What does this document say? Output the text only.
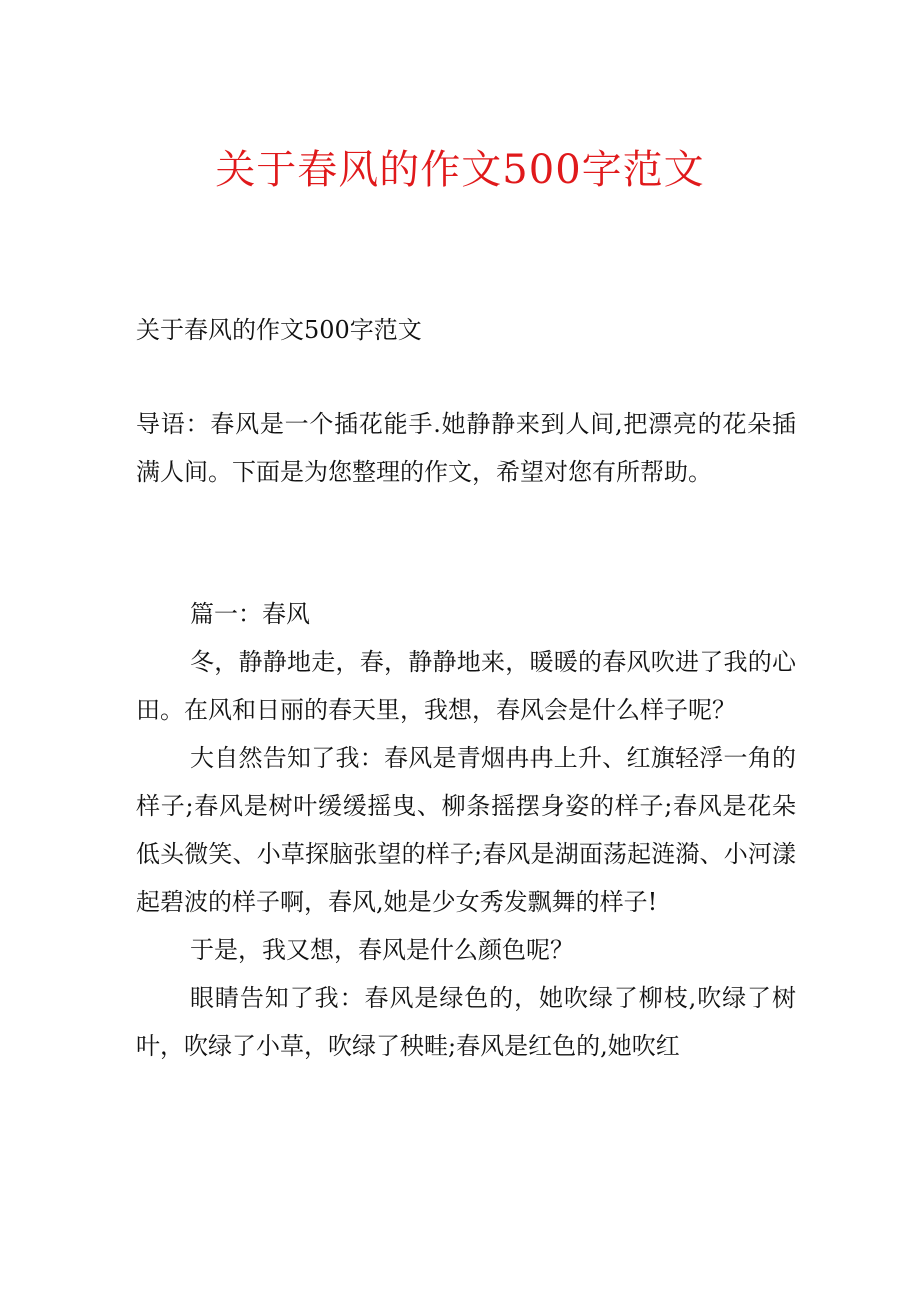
关于春风的作文500字范文
关于春风的作文500字范文
导语：春风是一个插花能手.她静静来到人间,把漂亮的花朵插满人间。下面是为您整理的作文，希望对您有所帮助。

篇一：春风

冬，静静地走，春，静静地来，暖暖的春风吹进了我的心田。在风和日丽的春天里，我想，春风会是什么样子呢？

大自然告知了我：春风是青烟冉冉上升、红旗轻浮一角的样子;春风是树叶缓缓摇曳、柳条摇摆身姿的样子;春风是花朵低头微笑、小草探脑张望的样子;春风是湖面荡起涟漪、小河漾起碧波的样子啊，春风,她是少女秀发飘舞的样子!

于是，我又想，春风是什么颜色呢？

眼睛告知了我：春风是绿色的，她吹绿了柳枝,吹绿了树叶，吹绿了小草，吹绿了秧畦;春风是红色的,她吹红
